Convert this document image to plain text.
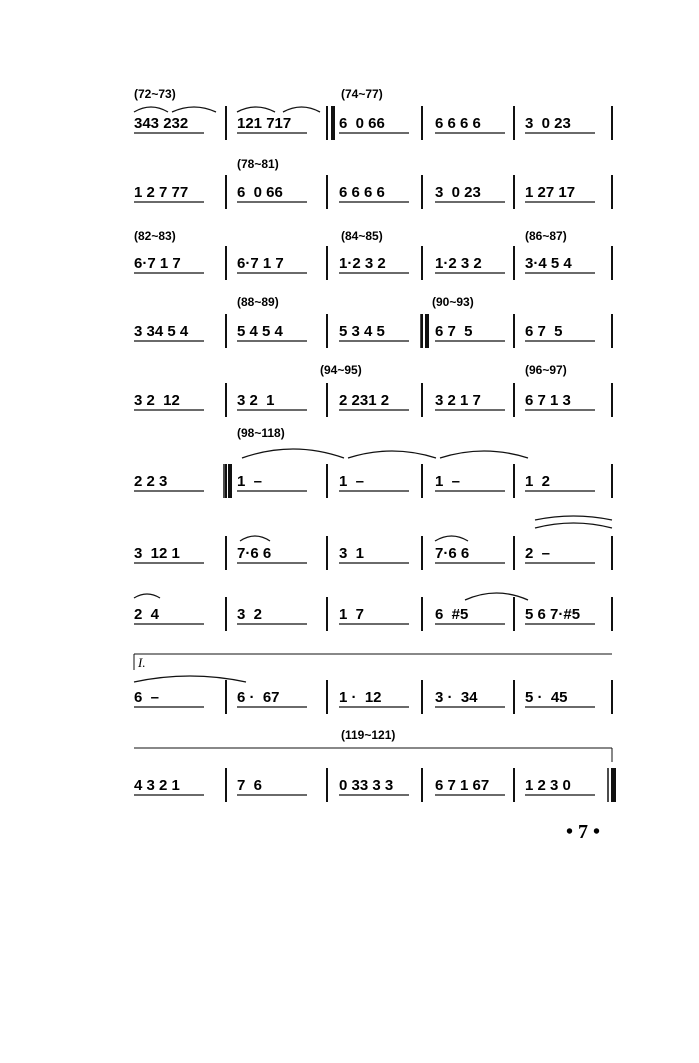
(72~73)	(74~77)
(78~81)
(82~83)	(84~85)	(86~87)
(88~89)	(90~93)
(94~95)	(96~97)
(98~118)
(119~121)
343 232	121 717	6  0 66	6 6 6 6	3  0 23
1 2 7 77	6  0 66	6 6 6 6	3  0 23	1 27 17
6·7 1 7	6·7 1 7	1·2 3 2	1·2 3 2	3·4 5 4
3 34 5 4	5 4 5 4	5 3 4 5	6 7  5	6 7  5
3 2  12	3 2  1	2 231 2	3 2 1 7	6 7 1 3
2 2 3	1  –	1  –	1  –	1  2
3  12 1	7·6 6	3  1	7·6 6	2  –
2  4	3  2	1  7	6  #5	5 6 7·#5
6  –	6 ·  67	1 ·  12	3 ·  34	5 ·  45
4 3 2 1	7  6	0 33 3 3	6 7 1 67 1 2 3 0
• 7 •
I.
